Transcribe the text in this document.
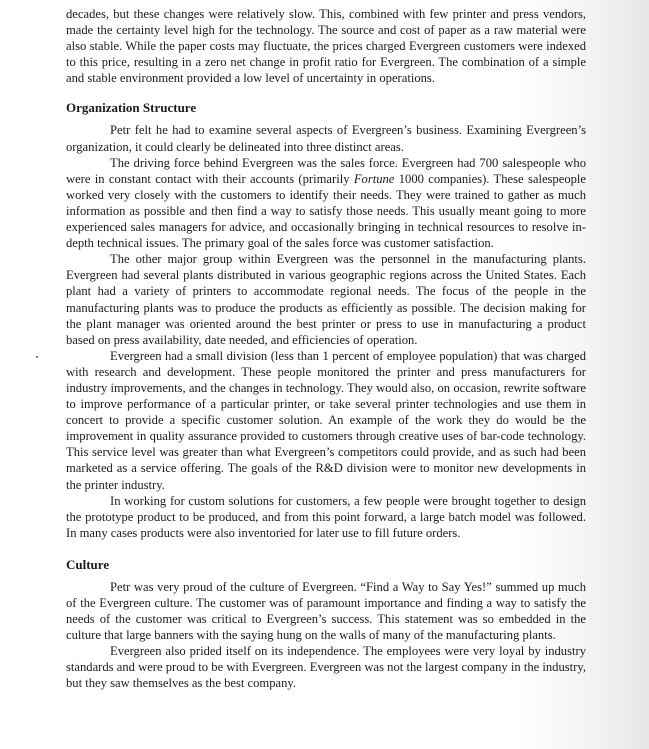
decades, but these changes were relatively slow. This, combined with few printer and press vendors, made the certainty level high for the technology. The source and cost of paper as a raw material were also stable. While the paper costs may fluctuate, the prices charged Evergreen customers were indexed to this price, resulting in a zero net change in profit ratio for Evergreen. The combination of a simple and stable environment provided a low level of uncertainty in operations.

Organization Structure

Petr felt he had to examine several aspects of Evergreen’s business. Examining Evergreen’s organization, it could clearly be delineated into three distinct areas.

The driving force behind Evergreen was the sales force. Evergreen had 700 salespeople who were in constant contact with their accounts (primarily Fortune 1000 companies). These salespeople worked very closely with the customers to identify their needs. They were trained to gather as much information as possible and then find a way to satisfy those needs. This usually meant going to more experienced sales managers for advice, and occasionally bringing in technical resources to resolve in-depth technical issues. The primary goal of the sales force was customer satisfaction.

The other major group within Evergreen was the personnel in the manufacturing plants. Evergreen had several plants distributed in various geographic regions across the United States. Each plant had a variety of printers to accommodate regional needs. The focus of the people in the manufacturing plants was to produce the products as efficiently as possible. The decision making for the plant manager was oriented around the best printer or press to use in manufacturing a product based on press availability, date needed, and efficiencies of operation.

Evergreen had a small division (less than 1 percent of employee population) that was charged with research and development. These people monitored the printer and press manufacturers for industry improvements, and the changes in technology. They would also, on occasion, rewrite software to improve performance of a particular printer, or take several printer technologies and use them in concert to provide a specific customer solution. An example of the work they do would be the improvement in quality assurance provided to customers through creative uses of bar-code technology. This service level was greater than what Evergreen’s competitors could provide, and as such had been marketed as a service offering. The goals of the R&D division were to monitor new developments in the printer industry.

In working for custom solutions for customers, a few people were brought together to design the prototype product to be produced, and from this point forward, a large batch model was followed. In many cases products were also inventoried for later use to fill future orders.

Culture

Petr was very proud of the culture of Evergreen. “Find a Way to Say Yes!” summed up much of the Evergreen culture. The customer was of paramount importance and finding a way to satisfy the needs of the customer was critical to Evergreen’s success. This statement was so embedded in the culture that large banners with the saying hung on the walls of many of the manufacturing plants.

Evergreen also prided itself on its independence. The employees were very loyal by industry standards and were proud to be with Evergreen. Evergreen was not the largest company in the industry, but they saw themselves as the best company.
